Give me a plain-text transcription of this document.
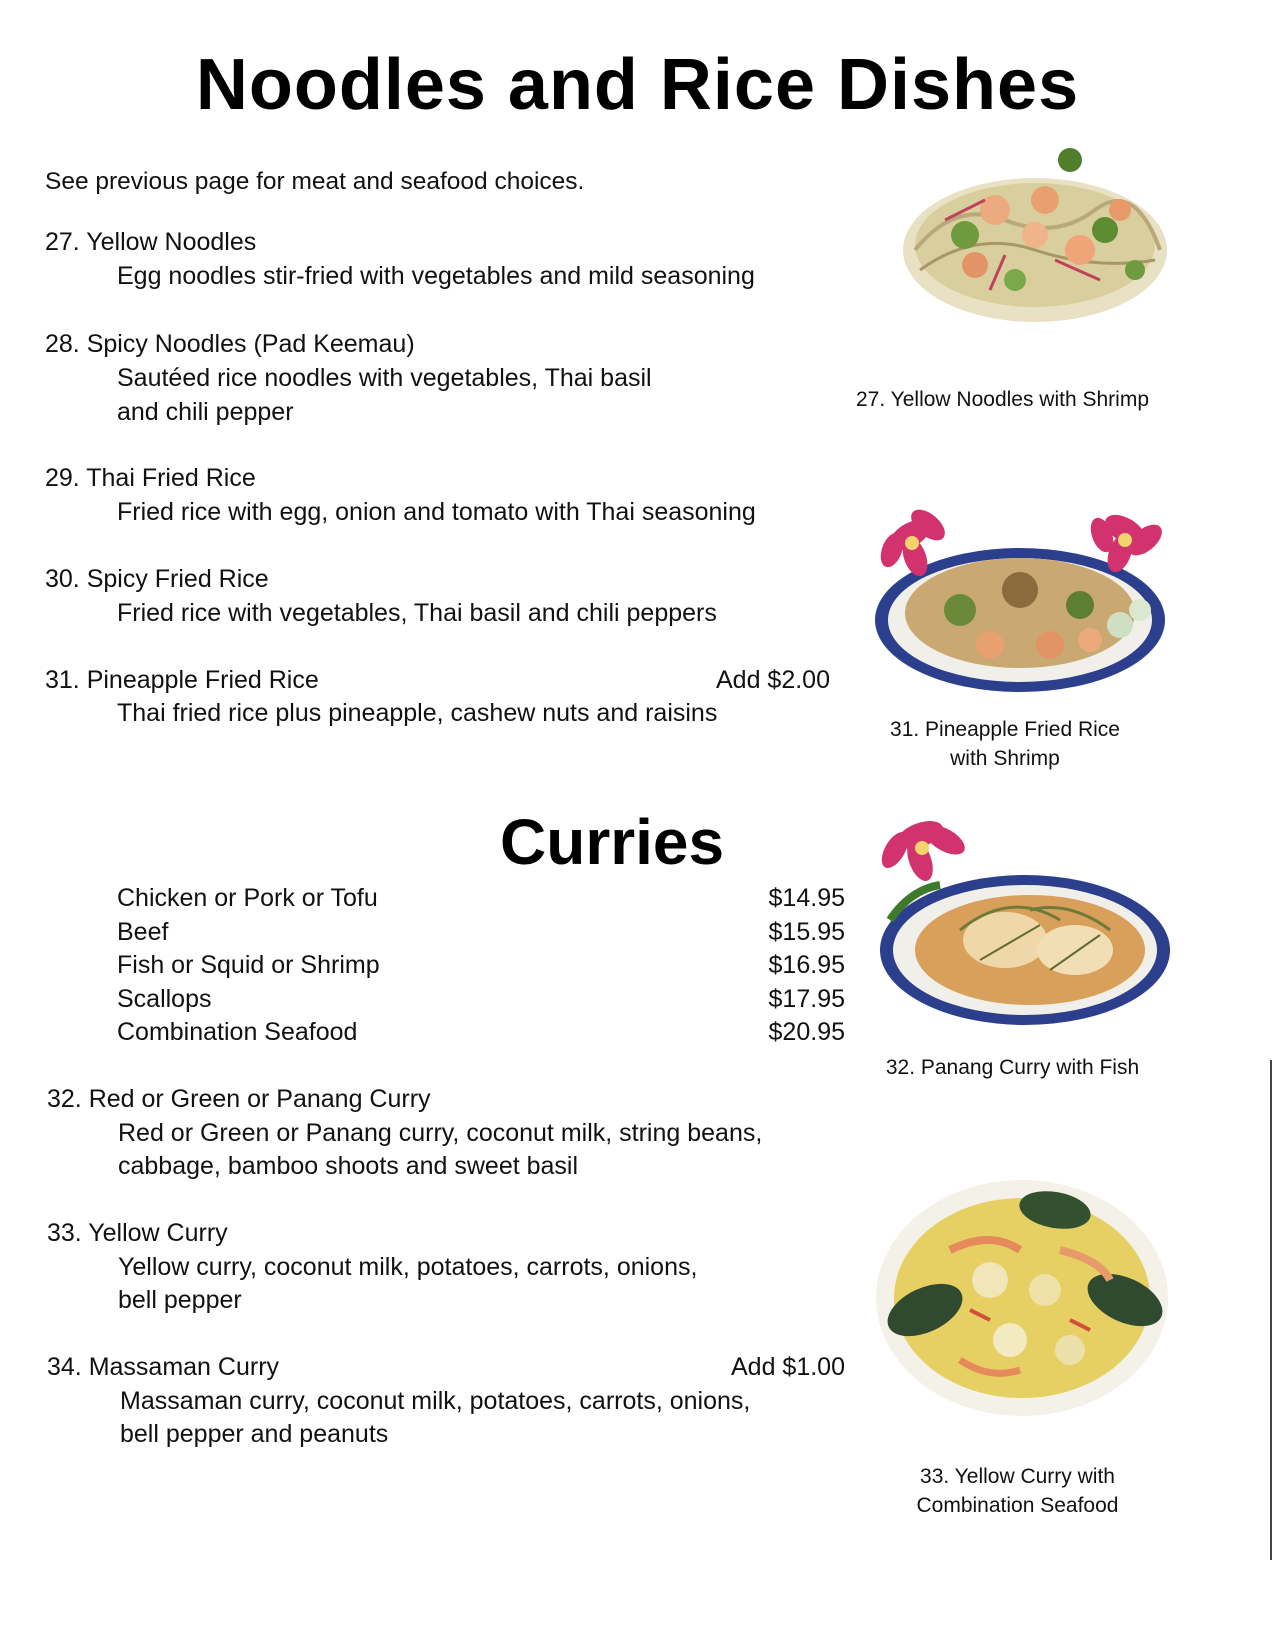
Noodles and Rice Dishes
See previous page for meat and seafood choices.
27. Yellow Noodles
Egg noodles stir-fried with vegetables and mild seasoning
28. Spicy Noodles (Pad Keemau)
Sautéed rice noodles with vegetables, Thai basil
and chili pepper
29. Thai Fried Rice
Fried rice with egg, onion and tomato with Thai seasoning
30. Spicy Fried Rice
Fried rice with vegetables, Thai basil and chili peppers
31. Pineapple Fried Rice	Add $2.00
Thai fried rice plus pineapple, cashew nuts and raisins
Curries
Chicken or Pork or Tofu	$14.95
Beef	$15.95
Fish or Squid or Shrimp	$16.95
Scallops	$17.95
Combination Seafood	$20.95
32. Red or Green or Panang Curry
Red or Green or Panang curry, coconut milk, string beans,
cabbage, bamboo shoots and sweet basil
33. Yellow Curry
Yellow curry, coconut milk, potatoes, carrots, onions,
bell pepper
34. Massaman Curry	Add $1.00
Massaman curry, coconut milk, potatoes, carrots, onions,
bell pepper and peanuts
27. Yellow Noodles with Shrimp
31. Pineapple Fried Rice
with Shrimp
32. Panang Curry with Fish
33. Yellow Curry with
Combination Seafood
